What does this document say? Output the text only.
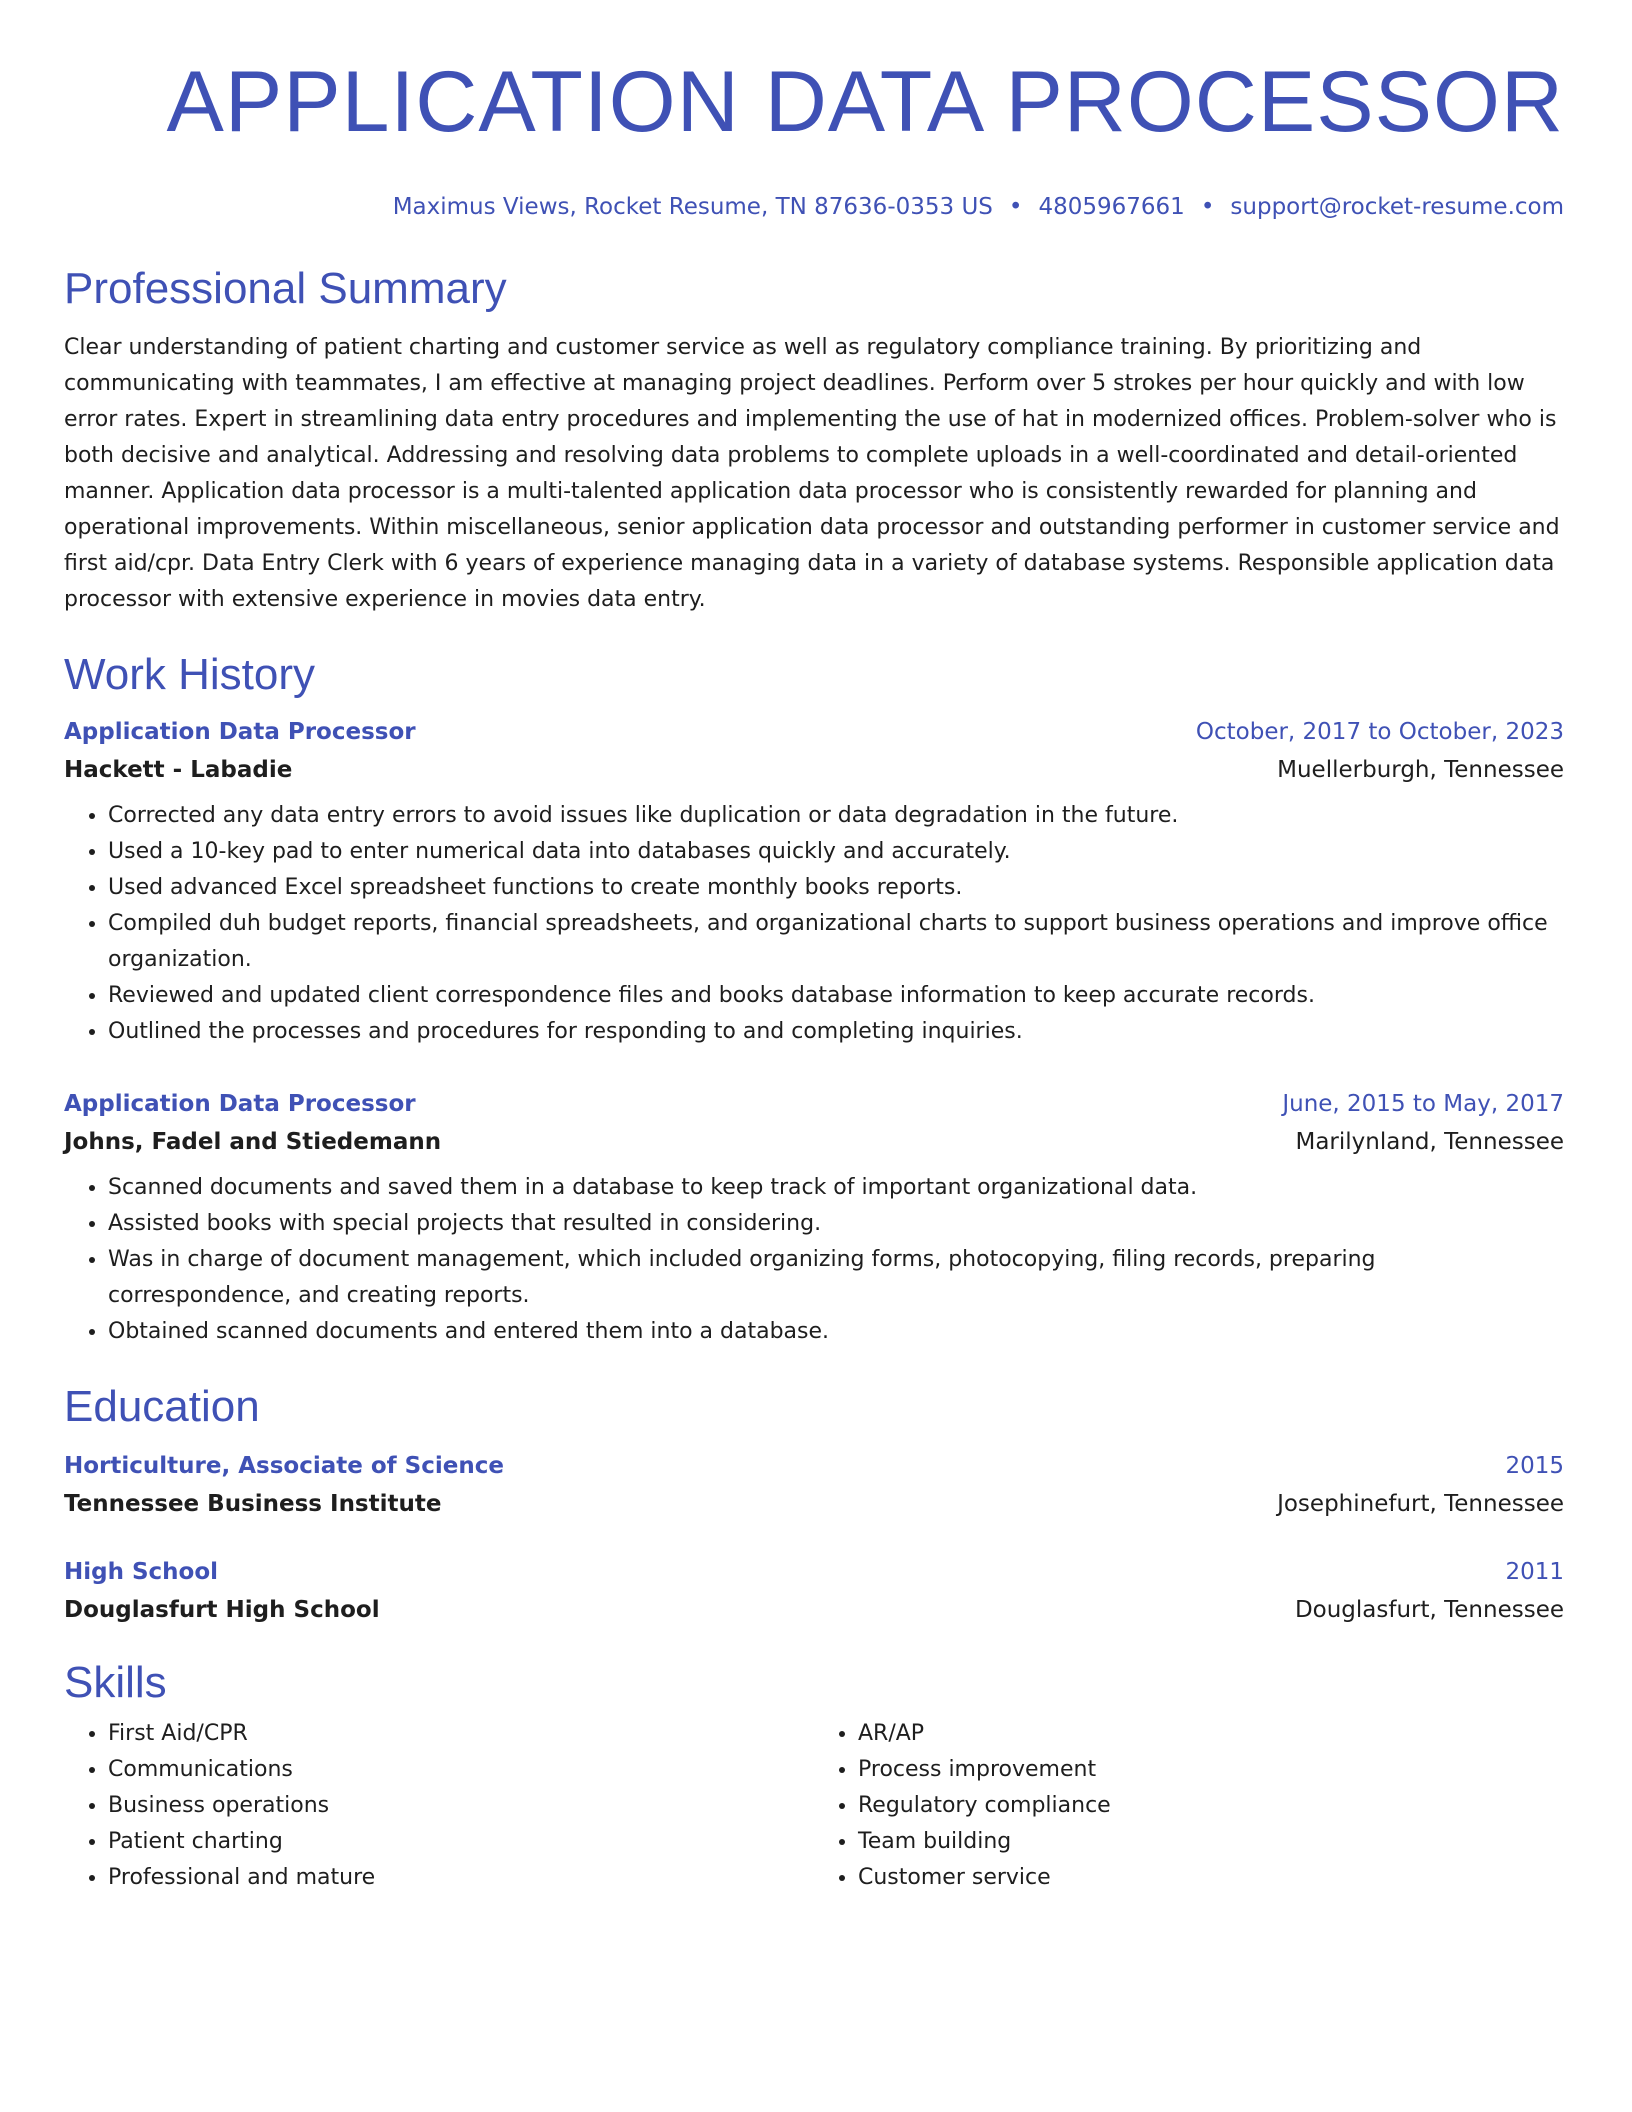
APPLICATION DATA PROCESSOR
Maximus Views, Rocket Resume, TN 87636-0353 US • 4805967661 • support@rocket-resume.com
Professional Summary
Clear understanding of patient charting and customer service as well as regulatory compliance training. By prioritizing and communicating with teammates, I am effective at managing project deadlines. Perform over 5 strokes per hour quickly and with low error rates. Expert in streamlining data entry procedures and implementing the use of hat in modernized offices. Problem-solver who is both decisive and analytical. Addressing and resolving data problems to complete uploads in a well-coordinated and detail-oriented manner. Application data processor is a multi-talented application data processor who is consistently rewarded for planning and operational improvements. Within miscellaneous, senior application data processor and outstanding performer in customer service and first aid/cpr. Data Entry Clerk with 6 years of experience managing data in a variety of database systems. Responsible application data processor with extensive experience in movies data entry.
Work History
Application Data Processor	October, 2017 to October, 2023
Hackett - Labadie	Muellerburgh, Tennessee
• Corrected any data entry errors to avoid issues like duplication or data degradation in the future.
• Used a 10-key pad to enter numerical data into databases quickly and accurately.
• Used advanced Excel spreadsheet functions to create monthly books reports.
• Compiled duh budget reports, financial spreadsheets, and organizational charts to support business operations and improve office organization.
• Reviewed and updated client correspondence files and books database information to keep accurate records.
• Outlined the processes and procedures for responding to and completing inquiries.
Application Data Processor	June, 2015 to May, 2017
Johns, Fadel and Stiedemann	Marilynland, Tennessee
• Scanned documents and saved them in a database to keep track of important organizational data.
• Assisted books with special projects that resulted in considering.
• Was in charge of document management, which included organizing forms, photocopying, filing records, preparing correspondence, and creating reports.
• Obtained scanned documents and entered them into a database.
Education
Horticulture, Associate of Science	2015
Tennessee Business Institute	Josephinefurt, Tennessee
High School	2011
Douglasfurt High School	Douglasfurt, Tennessee
Skills
• First Aid/CPR
• Communications
• Business operations
• Patient charting
• Professional and mature
• AR/AP
• Process improvement
• Regulatory compliance
• Team building
• Customer service
